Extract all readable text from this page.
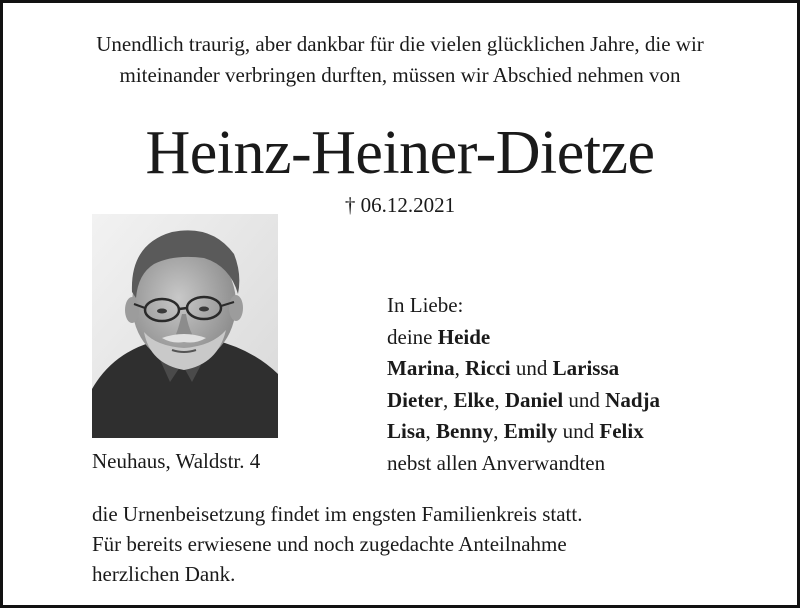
Unendlich traurig, aber dankbar für die vielen glücklichen Jahre, die wir
miteinander verbringen durften, müssen wir Abschied nehmen von
Heinz-Heiner-Dietze
† 06.12.2021
Neuhaus, Waldstr. 4
In Liebe:
deine Heide
Marina, Ricci und Larissa
Dieter, Elke, Daniel und Nadja
Lisa, Benny, Emily und Felix
nebst allen Anverwandten
die Urnenbeisetzung findet im engsten Familienkreis statt.
Für bereits erwiesene und noch zugedachte Anteilnahme
herzlichen Dank.
